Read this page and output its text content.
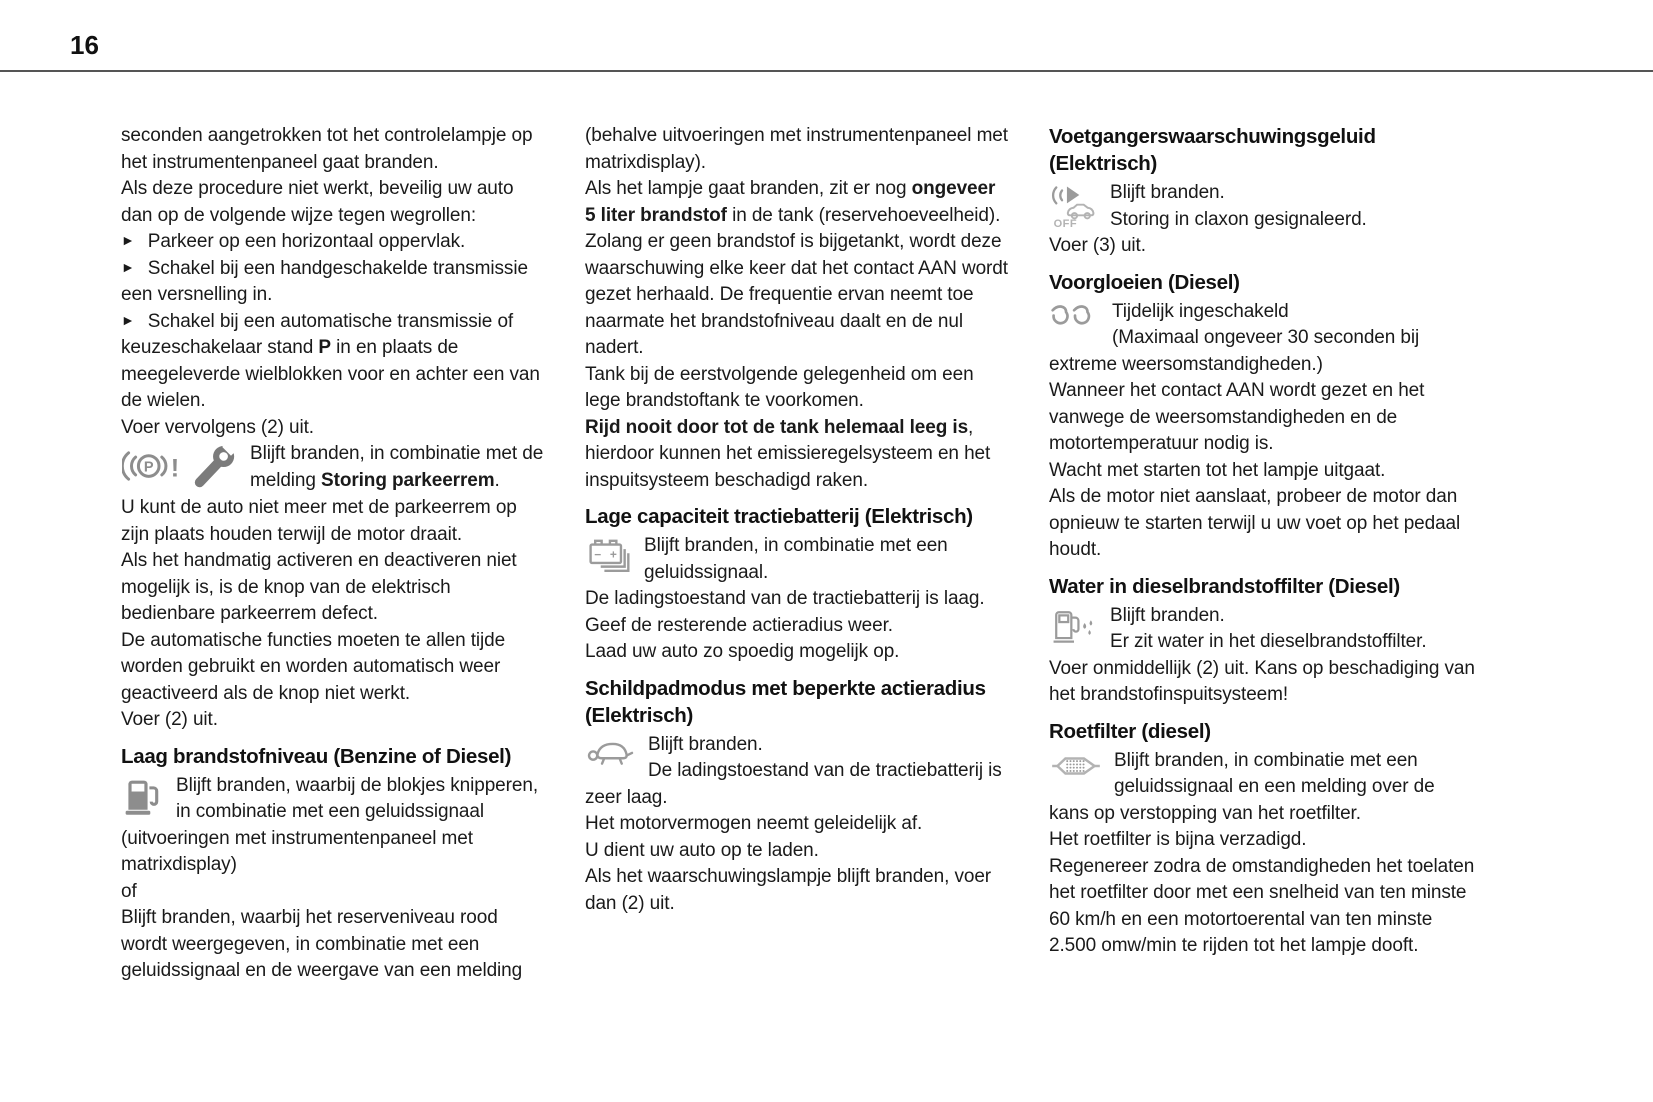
16

seconden aangetrokken tot het controlelampje op het instrumentenpaneel gaat branden.

Als deze procedure niet werkt, beveilig uw auto dan op de volgende wijze tegen wegrollen:

► Parkeer op een horizontaal oppervlak.

► Schakel bij een handgeschakelde transmissie een versnelling in.

► Schakel bij een automatische transmissie of keuzeschakelaar stand P in en plaats de meegeleverde wielblokken voor en achter een van de wielen.

Voer vervolgens (2) uit.

P !
Blijft branden, in combinatie met de melding Storing parkeerrem.

U kunt de auto niet meer met de parkeerrem op zijn plaats houden terwijl de motor draait.

Als het handmatig activeren en deactiveren niet mogelijk is, is de knop van de elektrisch bedienbare parkeerrem defect.

De automatische functies moeten te allen tijde worden gebruikt en worden automatisch weer geactiveerd als de knop niet werkt.

Voer (2) uit.

Laag brandstofniveau (Benzine of Diesel)

Blijft branden, waarbij de blokjes knipperen, in combinatie met een geluidssignaal (uitvoeringen met instrumentenpaneel met matrixdisplay)

of

Blijft branden, waarbij het reserveniveau rood wordt weergegeven, in combinatie met een geluidssignaal en de weergave van een melding

(behalve uitvoeringen met instrumentenpaneel met matrixdisplay).

Als het lampje gaat branden, zit er nog ongeveer 5 liter brandstof in de tank (reservehoeveelheid).

Zolang er geen brandstof is bijgetankt, wordt deze waarschuwing elke keer dat het contact AAN wordt gezet herhaald. De frequentie ervan neemt toe naarmate het brandstofniveau daalt en de nul nadert.

Tank bij de eerstvolgende gelegenheid om een lege brandstoftank te voorkomen.

Rijd nooit door tot de tank helemaal leeg is, hierdoor kunnen het emissieregelsysteem en het inspuitsysteem beschadigd raken.

Lage capaciteit tractiebatterij (Elektrisch)

− + Blijft branden, in combinatie met een geluidssignaal.

De ladingstoestand van de tractiebatterij is laag.

Geef de resterende actieradius weer.

Laad uw auto zo spoedig mogelijk op.

Schildpadmodus met beperkte actieradius (Elektrisch)

Blijft branden.
De ladingstoestand van de tractiebatterij is zeer laag.

Het motorvermogen neemt geleidelijk af.

U dient uw auto op te laden.

Als het waarschuwingslampje blijft branden, voer dan (2) uit.

Voetgangerswaarschuwingsgeluid (Elektrisch)

OFF
Blijft branden.
Storing in claxon gesignaleerd.

Voer (3) uit.

Voorgloeien (Diesel)

Tijdelijk ingeschakeld
(Maximaal ongeveer 30 seconden bij extreme weersomstandigheden.)

Wanneer het contact AAN wordt gezet en het vanwege de weersomstandigheden en de motortemperatuur nodig is.

Wacht met starten tot het lampje uitgaat.

Als de motor niet aanslaat, probeer de motor dan opnieuw te starten terwijl u uw voet op het pedaal houdt.

Water in dieselbrandstoffilter (Diesel)

Blijft branden.
Er zit water in het dieselbrandstoffilter.

Voer onmiddellijk (2) uit. Kans op beschadiging van het brandstofinspuitsysteem!

Roetfilter (diesel)

Blijft branden, in combinatie met een geluidssignaal en een melding over de kans op verstopping van het roetfilter.

Het roetfilter is bijna verzadigd.

Regenereer zodra de omstandigheden het toelaten het roetfilter door met een snelheid van ten minste 60 km/h en een motortoerental van ten minste 2.500 omw/min te rijden tot het lampje dooft.
